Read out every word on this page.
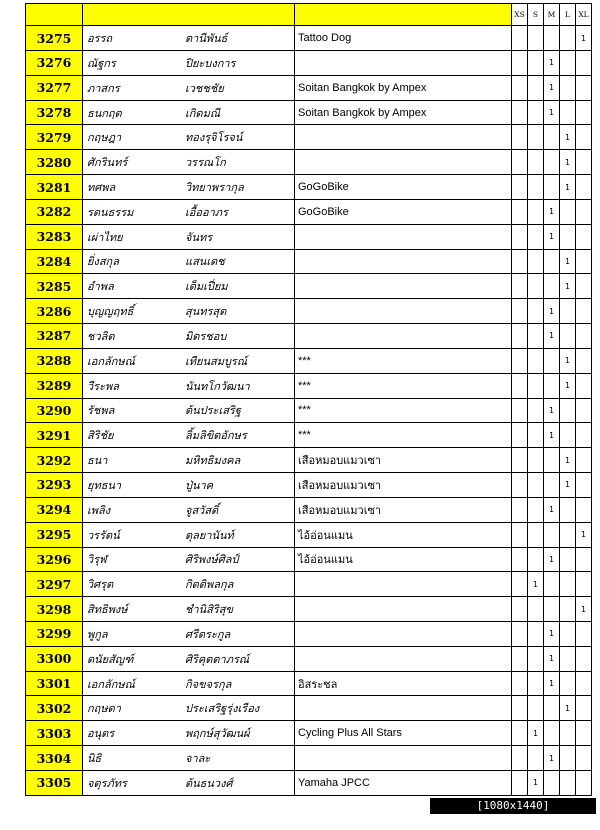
				XS	S	M	L	XL
3275	อรรถ	ตานีพันธ์	Tattoo Dog					1
3276	ณัฐกร	ปิยะบงการ				1		
3277	ภาสกร	เวชชชัย	Soitan Bangkok by Ampex			1		
3278	ธนกฤต	เกิดมณี	Soitan Bangkok by Ampex			1		
3279	กฤษฎา	ทองรุจิโรจน์					1	
3280	ศักรินทร์	วรรณโก					1	
3281	ทศพล	วิทยาพรากุล	GoGoBike				1	
3282	รตนธรรม	เอื้ออาภร	GoGoBike			1		
3283	เผ่าไทย	จันทร				1		
3284	ยิ่งสกุล	แสนเดช					1	
3285	อำพล	เต็มเปี่ยม					1	
3286	บุญญฤทธิ์	สุนทรสุต				1		
3287	ชวลิต	มิตรชอบ				1		
3288	เอกลักษณ์	เทียนสมบูรณ์	***				1	
3289	วีระพล	นันทโกวัฒนา	***				1	
3290	รัชพล	ต้นประเสริฐ	***			1		
3291	สิริชัย	ลิ้มลิขิตอักษร	***			1		
3292	ธนา	มหิทธิมงคล	เสือหมอบแมวเซา				1	
3293	ยุทธนา	ปู่นาค	เสือหมอบแมวเซา				1	
3294	เพลิง	จูสวัสดิ์	เสือหมอบแมวเซา			1		
3295	วรรัตน์	ตุลยานันท์	ไอ้อ่อนแมน					1
3296	วิรุฬ	ศิริพงษ์ศิลป์	ไอ้อ่อนแมน			1		
3297	วิศรุต	กิตติพลกุล			1			
3298	สิทธิพงษ์	ชำนิสิริสุข						1
3299	พูกูล	ศรีตระกูล				1		
3300	ดนัยสัญฑ์	ศิริคุตตาภรณ์				1		
3301	เอกลักษณ์	กิจขจรกุล	อิสระชล			1		
3302	กฤษดา	ประเสริฐรุ่งเรือง					1	
3303	อนุตร	พฤกษ์สุวัฒนผ์	Cycling Plus All Stars		1			
3304	นิธิ	จาละ				1		
3305	จตุรภัทร	ต้นธนวงศ์	Yamaha JPCC		1			
[1080x1440] https://uplc.me/
